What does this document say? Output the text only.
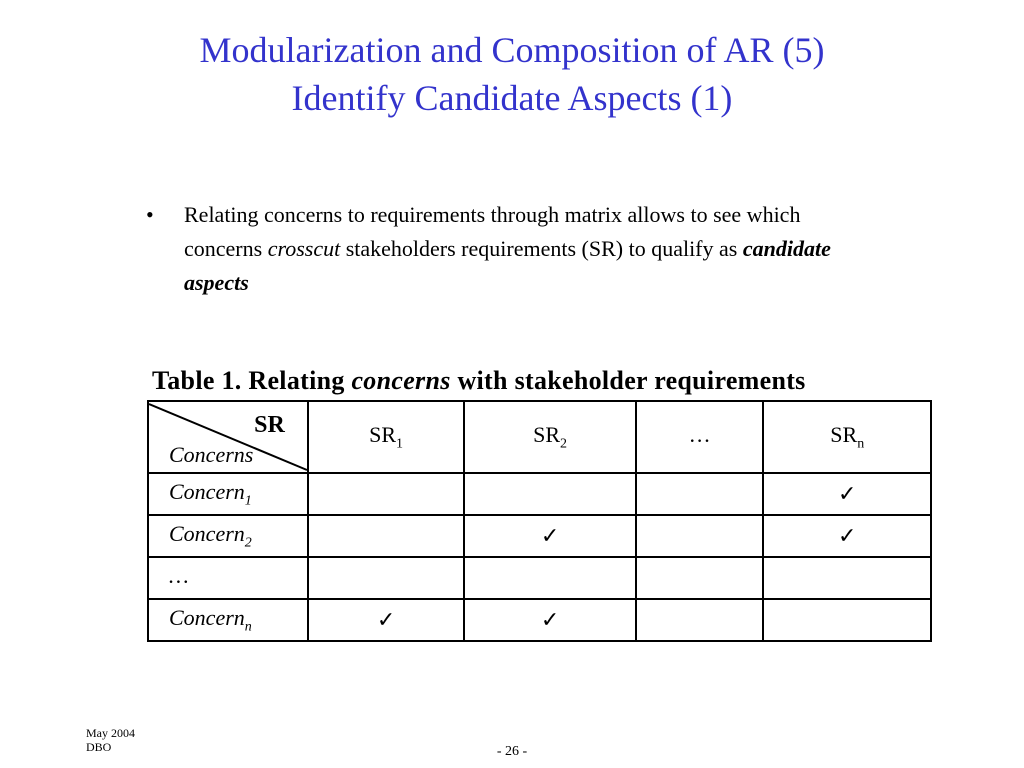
Modularization and Composition of AR (5)
Identify Candidate Aspects (1)
• Relating concerns to requirements through matrix allows to see which concerns crosscut stakeholders requirements (SR) to qualify as candidate aspects
Table 1. Relating concerns with stakeholder requirements
SR
Concerns	$SR_1$	$SR_2$	…	$SR_n$
Concern$_1$				✓
Concern$_2$		✓		✓
…				
Concern$_n$	✓	✓		
May 2004
DBO	- 26 -
